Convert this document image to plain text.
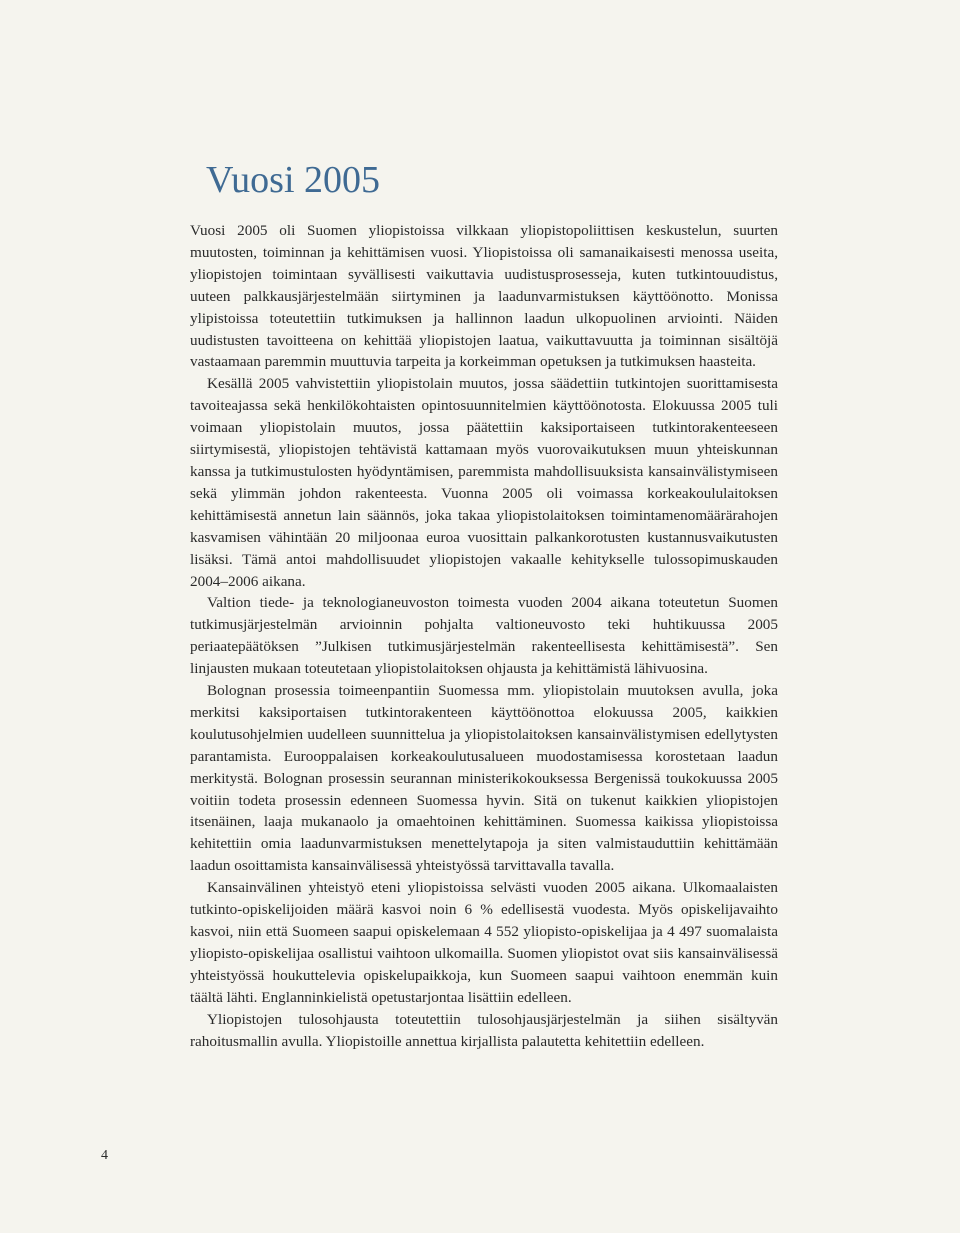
Vuosi 2005

Vuosi 2005 oli Suomen yliopistoissa vilkkaan yliopistopoliittisen keskustelun, suurten muutosten, toiminnan ja kehittämisen vuosi. Yliopistoissa oli samanaikaisesti menossa useita, yliopistojen toimintaan syvällisesti vaikuttavia uudistusprosesseja, kuten tutkintouudistus, uuteen palkkausjärjestelmään siirtyminen ja laadunvarmistuksen käyttöönotto. Monissa ylipistoissa toteutettiin tutkimuksen ja hallinnon laadun ulkopuolinen arviointi. Näiden uudistusten tavoitteena on kehittää yliopistojen laatua, vaikuttavuutta ja toiminnan sisältöjä vastaamaan paremmin muuttuvia tarpeita ja korkeimman opetuksen ja tutkimuksen haasteita.

Kesällä 2005 vahvistettiin yliopistolain muutos, jossa säädettiin tutkintojen suorittamisesta tavoiteajassa sekä henkilökohtaisten opintosuunnitelmien käyttöönotosta. Elokuussa 2005 tuli voimaan yliopistolain muutos, jossa päätettiin kaksiportaiseen tutkintorakenteeseen siirtymisestä, yliopistojen tehtävistä kattamaan myös vuorovaikutuksen muun yhteiskunnan kanssa ja tutkimustulosten hyödyntämisen, paremmista mahdollisuuksista kansainvälistymiseen sekä ylimmän johdon rakenteesta. Vuonna 2005 oli voimassa korkeakoululaitoksen kehittämisestä annetun lain säännös, joka takaa yliopistolaitoksen toimintamenomäärärahojen kasvamisen vähintään 20 miljoonaa euroa vuosittain palkankorotusten kustannusvaikutusten lisäksi. Tämä antoi mahdollisuudet yliopistojen vakaalle kehitykselle tulossopimuskauden 2004–2006 aikana.

Valtion tiede- ja teknologianeuvoston toimesta vuoden 2004 aikana toteutetun Suomen tutkimusjärjestelmän arvioinnin pohjalta valtioneuvosto teki huhtikuussa 2005 periaatepäätöksen ”Julkisen tutkimusjärjestelmän rakenteellisesta kehittämisestä”. Sen linjausten mukaan toteutetaan yliopistolaitoksen ohjausta ja kehittämistä lähivuosina.

Bolognan prosessia toimeenpantiin Suomessa mm. yliopistolain muutoksen avulla, joka merkitsi kaksiportaisen tutkintorakenteen käyttöönottoa elokuussa 2005, kaikkien koulutusohjelmien uudelleen suunnittelua ja yliopistolaitoksen kansainvälistymisen edellytysten parantamista. Eurooppalaisen korkeakoulutusalueen muodostamisessa korostetaan laadun merkitystä. Bolognan prosessin seurannan ministerikokouksessa Bergenissä toukokuussa 2005 voitiin todeta prosessin edenneen Suomessa hyvin. Sitä on tukenut kaikkien yliopistojen itsenäinen, laaja mukanaolo ja omaehtoinen kehittäminen. Suomessa kaikissa yliopistoissa kehitettiin omia laadunvarmistuksen menettelytapoja ja siten valmistauduttiin kehittämään laadun osoittamista kansainvälisessä yhteistyössä tarvittavalla tavalla.

Kansainvälinen yhteistyö eteni yliopistoissa selvästi vuoden 2005 aikana. Ulkomaalaisten tutkinto-opiskelijoiden määrä kasvoi noin 6 % edellisestä vuodesta. Myös opiskelijavaihto kasvoi, niin että Suomeen saapui opiskelemaan 4 552 yliopisto-opiskelijaa ja 4 497 suomalaista yliopisto-opiskelijaa osallistui vaihtoon ulkomailla. Suomen yliopistot ovat siis kansainvälisessä yhteistyössä houkuttelevia opiskelupaikkoja, kun Suomeen saapui vaihtoon enemmän kuin täältä lähti. Englanninkielistä opetustarjontaa lisättiin edelleen.

Yliopistojen tulosohjausta toteutettiin tulosohjausjärjestelmän ja siihen sisältyvän rahoitusmallin avulla. Yliopistoille annettua kirjallista palautetta kehitettiin edelleen.

4
